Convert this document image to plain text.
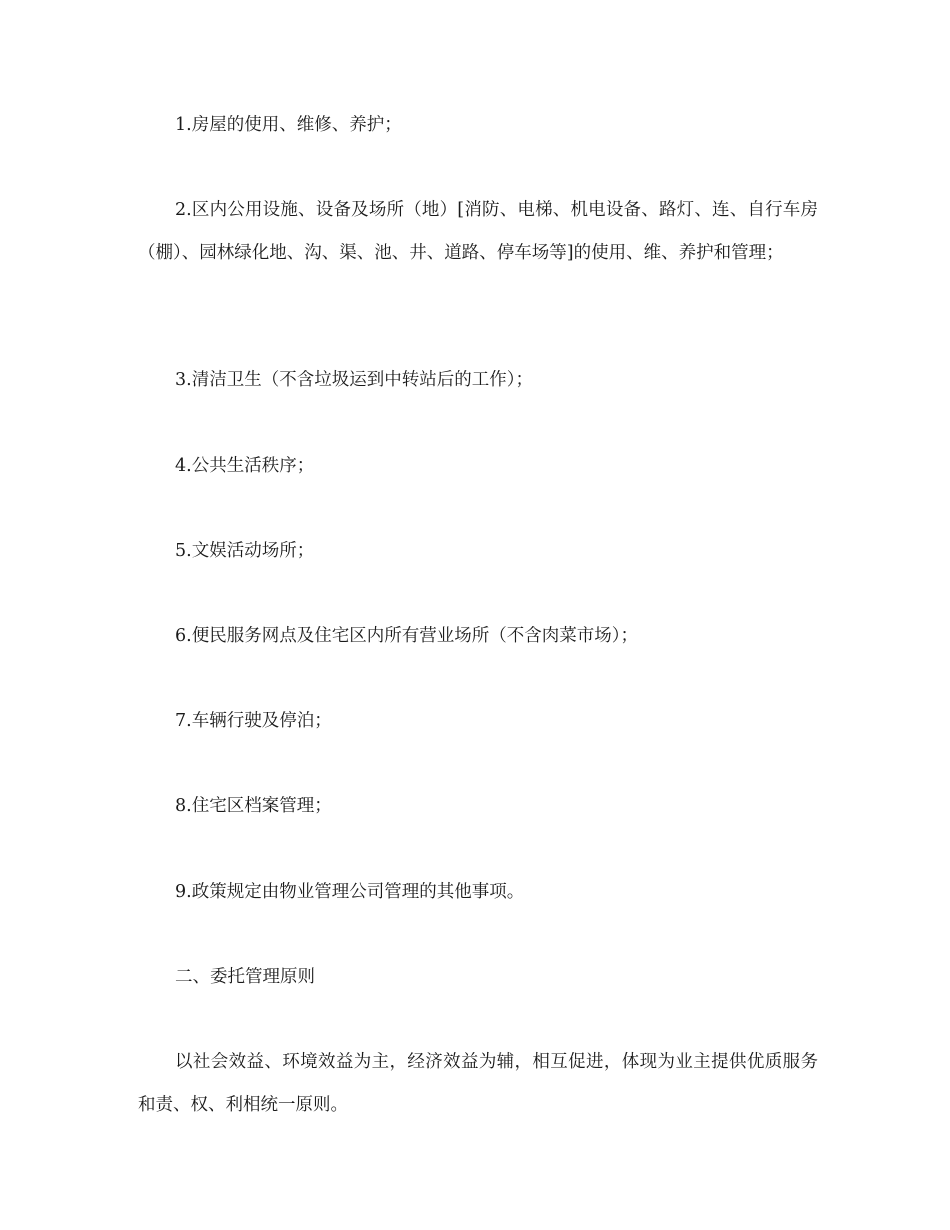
1.房屋的使用、维修、养护；

2.区内公用设施、设备及场所（地）[消防、电梯、机电设备、路灯、连、自行车房（棚）、园林绿化地、沟、渠、池、井、道路、停车场等]的使用、维、养护和管理；

3.清洁卫生（不含垃圾运到中转站后的工作）；

4.公共生活秩序；

5.文娱活动场所；

6.便民服务网点及住宅区内所有营业场所（不含肉菜市场）；

7.车辆行驶及停泊；

8.住宅区档案管理；

9.政策规定由物业管理公司管理的其他事项。

二、委托管理原则

以社会效益、环境效益为主，经济效益为辅，相互促进，体现为业主提供优质服务和责、权、利相统一原则。
